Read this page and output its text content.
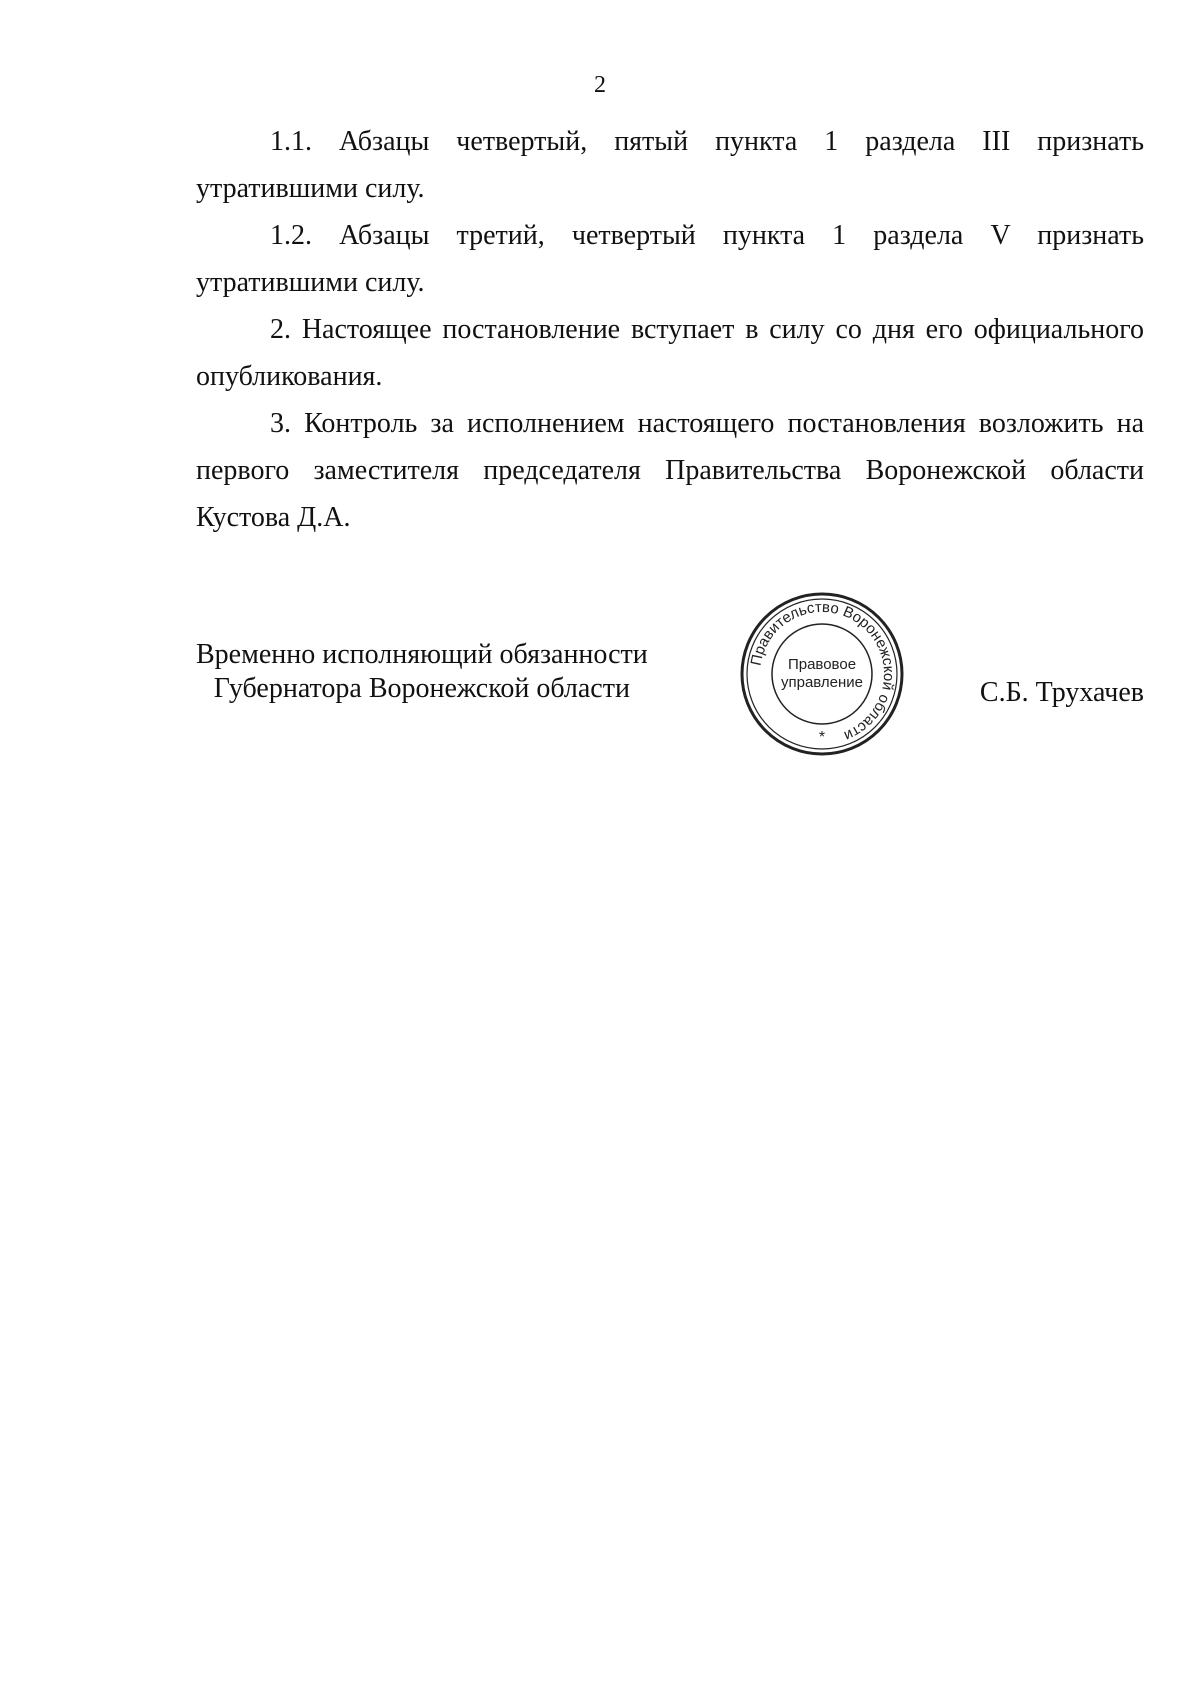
2

1.1. Абзацы четвертый, пятый пункта 1 раздела III признать утратившими силу.

1.2. Абзацы третий, четвертый пункта 1 раздела V признать утратившими силу.

2. Настоящее постановление вступает в силу со дня его официального опубликования.

3. Контроль за исполнением настоящего постановления возложить на первого заместителя председателя Правительства Воронежской области Кустова Д.А.

Временно исполняющий обязанности
Губернатора Воронежской области	С.Б. Трухачев
Правительство Воронежской области
*
Правовое
управление
